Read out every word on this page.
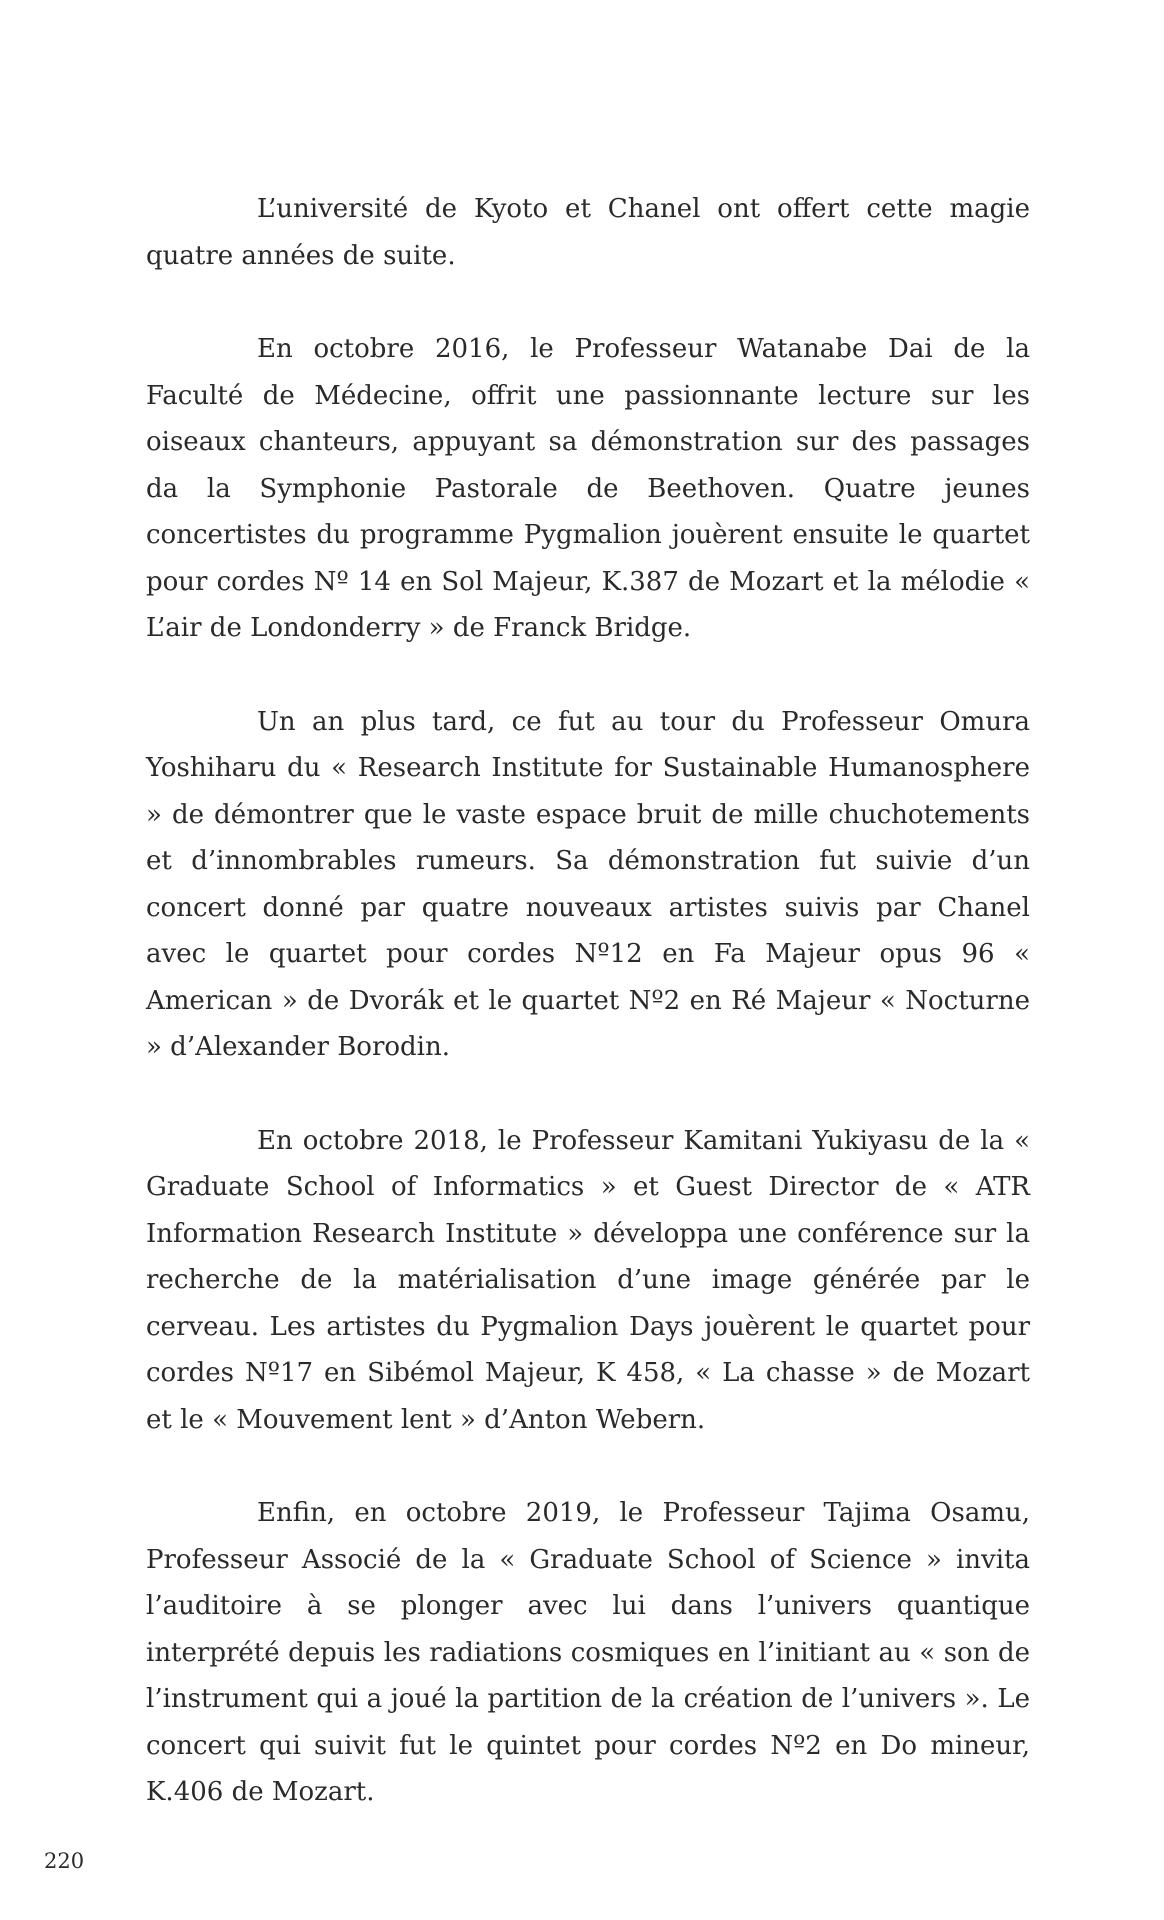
L’université de Kyoto et Chanel ont offert cette magie quatre années de suite.

En octobre 2016, le Professeur Watanabe Dai de la Faculté de Médecine, offrit une passionnante lecture sur les oiseaux chanteurs, appuyant sa démonstration sur des passages da la Symphonie Pastorale de Beethoven. Quatre jeunes concertistes du programme Pygmalion jouèrent ensuite le quartet pour cordes Nº 14 en Sol Majeur, K.387 de Mozart et la mélodie « L’air de Londonderry » de Franck Bridge.

Un an plus tard, ce fut au tour du Professeur Omura Yoshiharu du « Research Institute for Sustainable Humanosphere » de démontrer que le vaste espace bruit de mille chuchotements et d’innombrables rumeurs. Sa démonstration fut suivie d’un concert donné par quatre nouveaux artistes suivis par Chanel avec le quartet pour cordes Nº12 en Fa Majeur opus 96 « American » de Dvorák et le quartet Nº2 en Ré Majeur « Nocturne » d’Alexander Borodin.

En octobre 2018, le Professeur Kamitani Yukiyasu de la « Graduate School of Informatics » et Guest Director de « ATR Information Research Institute » développa une conférence sur la recherche de la matérialisation d’une image générée par le cerveau. Les artistes du Pygmalion Days jouèrent le quartet pour cordes Nº17 en Sibémol Majeur, K 458, « La chasse » de Mozart et le « Mouvement lent » d’Anton Webern.

Enfin, en octobre 2019, le Professeur Tajima Osamu, Professeur Associé de la « Graduate School of Science » invita l’auditoire à se plonger avec lui dans l’univers quantique interprété depuis les radiations cosmiques en l’initiant au « son de l’instrument qui a joué la partition de la création de l’univers ». Le concert qui suivit fut le quintet pour cordes Nº2 en Do mineur, K.406 de Mozart.

220
